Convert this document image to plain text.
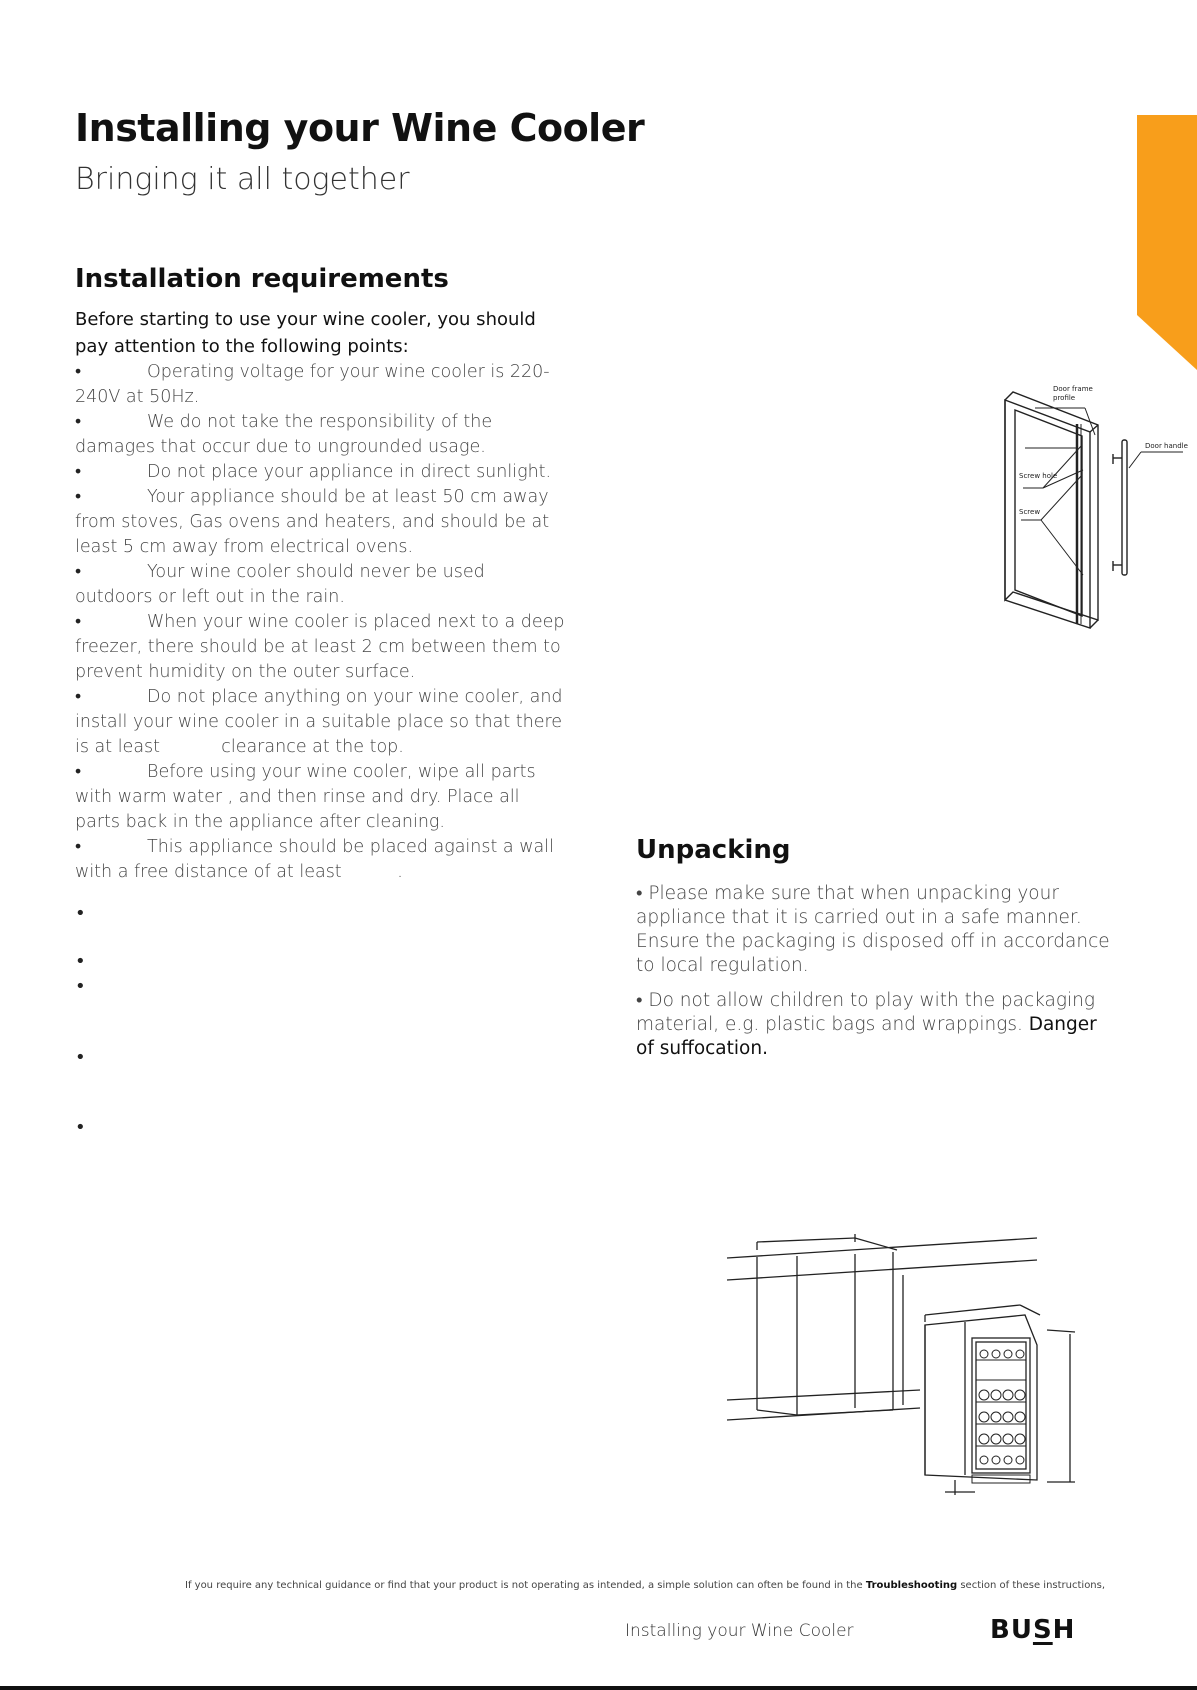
Installing your Wine Cooler
Bringing it all together
Installation requirements

Before starting to use your wine cooler, you should pay attention to the following points:

• Operating voltage for your wine cooler is 220-240V at 50Hz.
• We do not take the responsibility of the damages that occur due to ungrounded usage.
• Do not place your appliance in direct sunlight.
• Your appliance should be at least 50 cm away from stoves, Gas ovens and heaters, and should be at least 5 cm away from electrical ovens.
• Your wine cooler should never be used outdoors or left out in the rain.
• When your wine cooler is placed next to a deep freezer, there should be at least 2 cm between them to prevent humidity on the outer surface.
• Do not place anything on your wine cooler, and install your wine cooler in a suitable place so that there is at least           clearance at the top.
• Before using your wine cooler, wipe all parts with warm water , and then rinse and dry. Place all parts back in the appliance after cleaning.
• This appliance should be placed against a wall with a free distance of at least          .
•
•
•
•
•
Door frame
profile
Door handle
Screw hole
Screw
Unpacking

• Please make sure that when unpacking your appliance that it is carried out in a safe manner. Ensure the packaging is disposed off in accordance to local regulation.

• Do not allow children to play with the packaging material, e.g. plastic bags and wrappings. Danger of suffocation.

If you require any technical guidance or find that your product is not operating as intended, a simple solution can often be found in the Troubleshooting section of these instructions,
Installing your Wine Cooler	BUSH
